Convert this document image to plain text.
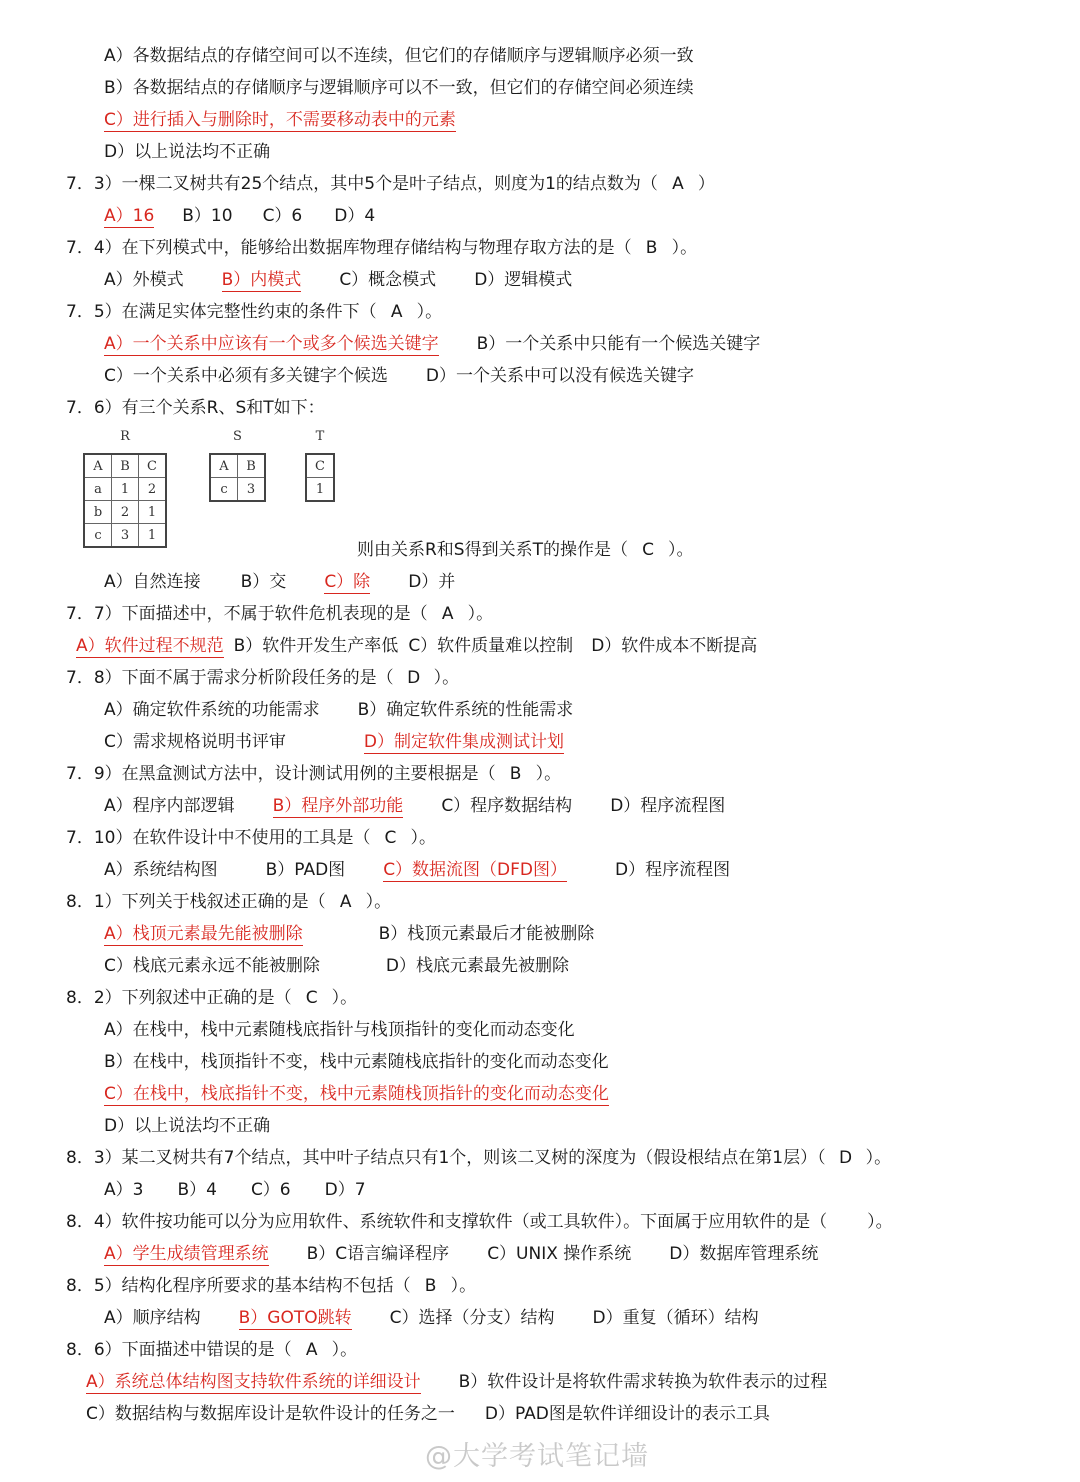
A）各数据结点的存储空间可以不连续，但它们的存储顺序与逻辑顺序必须一致
B）各数据结点的存储顺序与逻辑顺序可以不一致，但它们的存储空间必须连续
C）进行插入与删除时，不需要移动表中的元素
D）以上说法均不正确
7．3）一棵二叉树共有25个结点，其中5个是叶子结点，则度为1的结点数为（ A ）
A）16 B）10 C）6 D）4
7．4）在下列模式中，能够给出数据库物理存储结构与物理存取方法的是（ B ）。
A）外模式 B）内模式 C）概念模式 D）逻辑模式
7．5）在满足实体完整性约束的条件下（ A ）。
A）一个关系中应该有一个或多个候选关键字 B）一个关系中只能有一个候选关键字
C）一个关系中必须有多关键字个候选 D）一个关系中可以没有候选关键字
7．6）有三个关系R、S和T如下：
R
A	B	C
a	1	2
b	2	1
c	3	1
S
A	B
c	3
T
C
1
则由关系R和S得到关系T的操作是（ C ）。
A）自然连接 B）交 C）除 D）并
7．7）下面描述中，不属于软件危机表现的是（ A ）。
A）软件过程不规范 B）软件开发生产率低 C）软件质量难以控制 D）软件成本不断提高
7．8）下面不属于需求分析阶段任务的是（ D ）。
A）确定软件系统的功能需求 B）确定软件系统的性能需求
C）需求规格说明书评审	D）制定软件集成测试计划
7．9）在黑盒测试方法中，设计测试用例的主要根据是（ B ）。
A）程序内部逻辑 B）程序外部功能 C）程序数据结构 D）程序流程图
7．10）在软件设计中不使用的工具是（ C ）。
A）系统结构图	B）PAD图 C）数据流图（DFD图）	D）程序流程图
8．1）下列关于栈叙述正确的是（ A ）。
A）栈顶元素最先能被删除	B）栈顶元素最后才能被删除
C）栈底元素永远不能被删除	D）栈底元素最先被删除
8．2）下列叙述中正确的是（ C ）。
A）在栈中，栈中元素随栈底指针与栈顶指针的变化而动态变化
B）在栈中，栈顶指针不变，栈中元素随栈底指针的变化而动态变化
C）在栈中，栈底指针不变，栈中元素随栈顶指针的变化而动态变化
D）以上说法均不正确
8．3）某二叉树共有7个结点，其中叶子结点只有1个，则该二叉树的深度为（假设根结点在第1层）（ D ）。
A）3 B）4 C）6 D）7
8．4）软件按功能可以分为应用软件、系统软件和支撑软件（或工具软件）。下面属于应用软件的是（ ）。
A）学生成绩管理系统 B）C语言编译程序 C）UNIX 操作系统 D）数据库管理系统
8．5）结构化程序所要求的基本结构不包括（ B ）。
A）顺序结构 B）GOTO跳转 C）选择（分支）结构 D）重复（循环）结构
8．6）下面描述中错误的是（ A ）。
A）系统总体结构图支持软件系统的详细设计 B）软件设计是将软件需求转换为软件表示的过程
C）数据结构与数据库设计是软件设计的任务之一 D）PAD图是软件详细设计的表示工具
@大学考试笔记墙
